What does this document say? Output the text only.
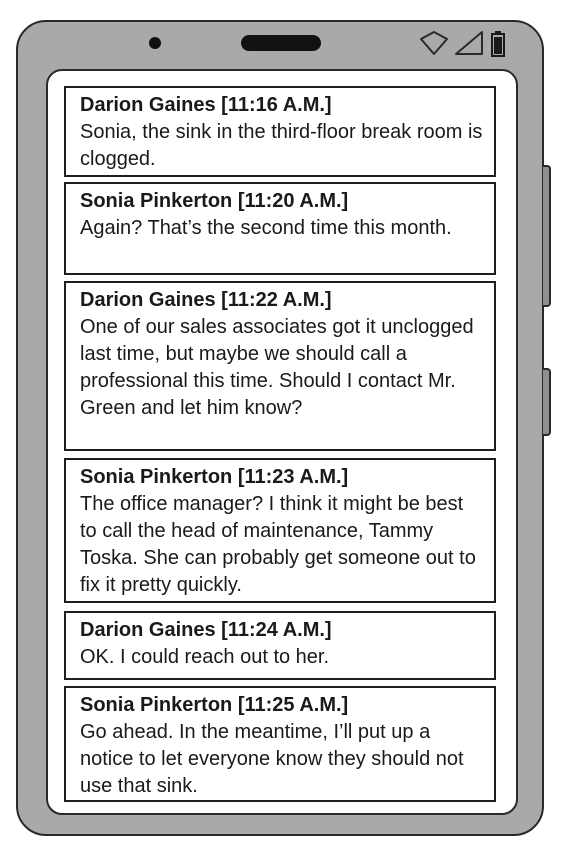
Darion Gaines [11:16 A.M.]
Sonia, the sink in the third-floor break room is clogged.
Sonia Pinkerton [11:20 A.M.]
Again? That’s the second time this month.
Darion Gaines [11:22 A.M.]
One of our sales associates got it unclogged last time, but maybe we should call a professional this time. Should I contact Mr. Green and let him know?
Sonia Pinkerton [11:23 A.M.]
The office manager? I think it might be best to call the head of maintenance, Tammy Toska. She can probably get someone out to fix it pretty quickly.
Darion Gaines [11:24 A.M.]
OK. I could reach out to her.
Sonia Pinkerton [11:25 A.M.]
Go ahead. In the meantime, I’ll put up a notice to let everyone know they should not use that sink.
